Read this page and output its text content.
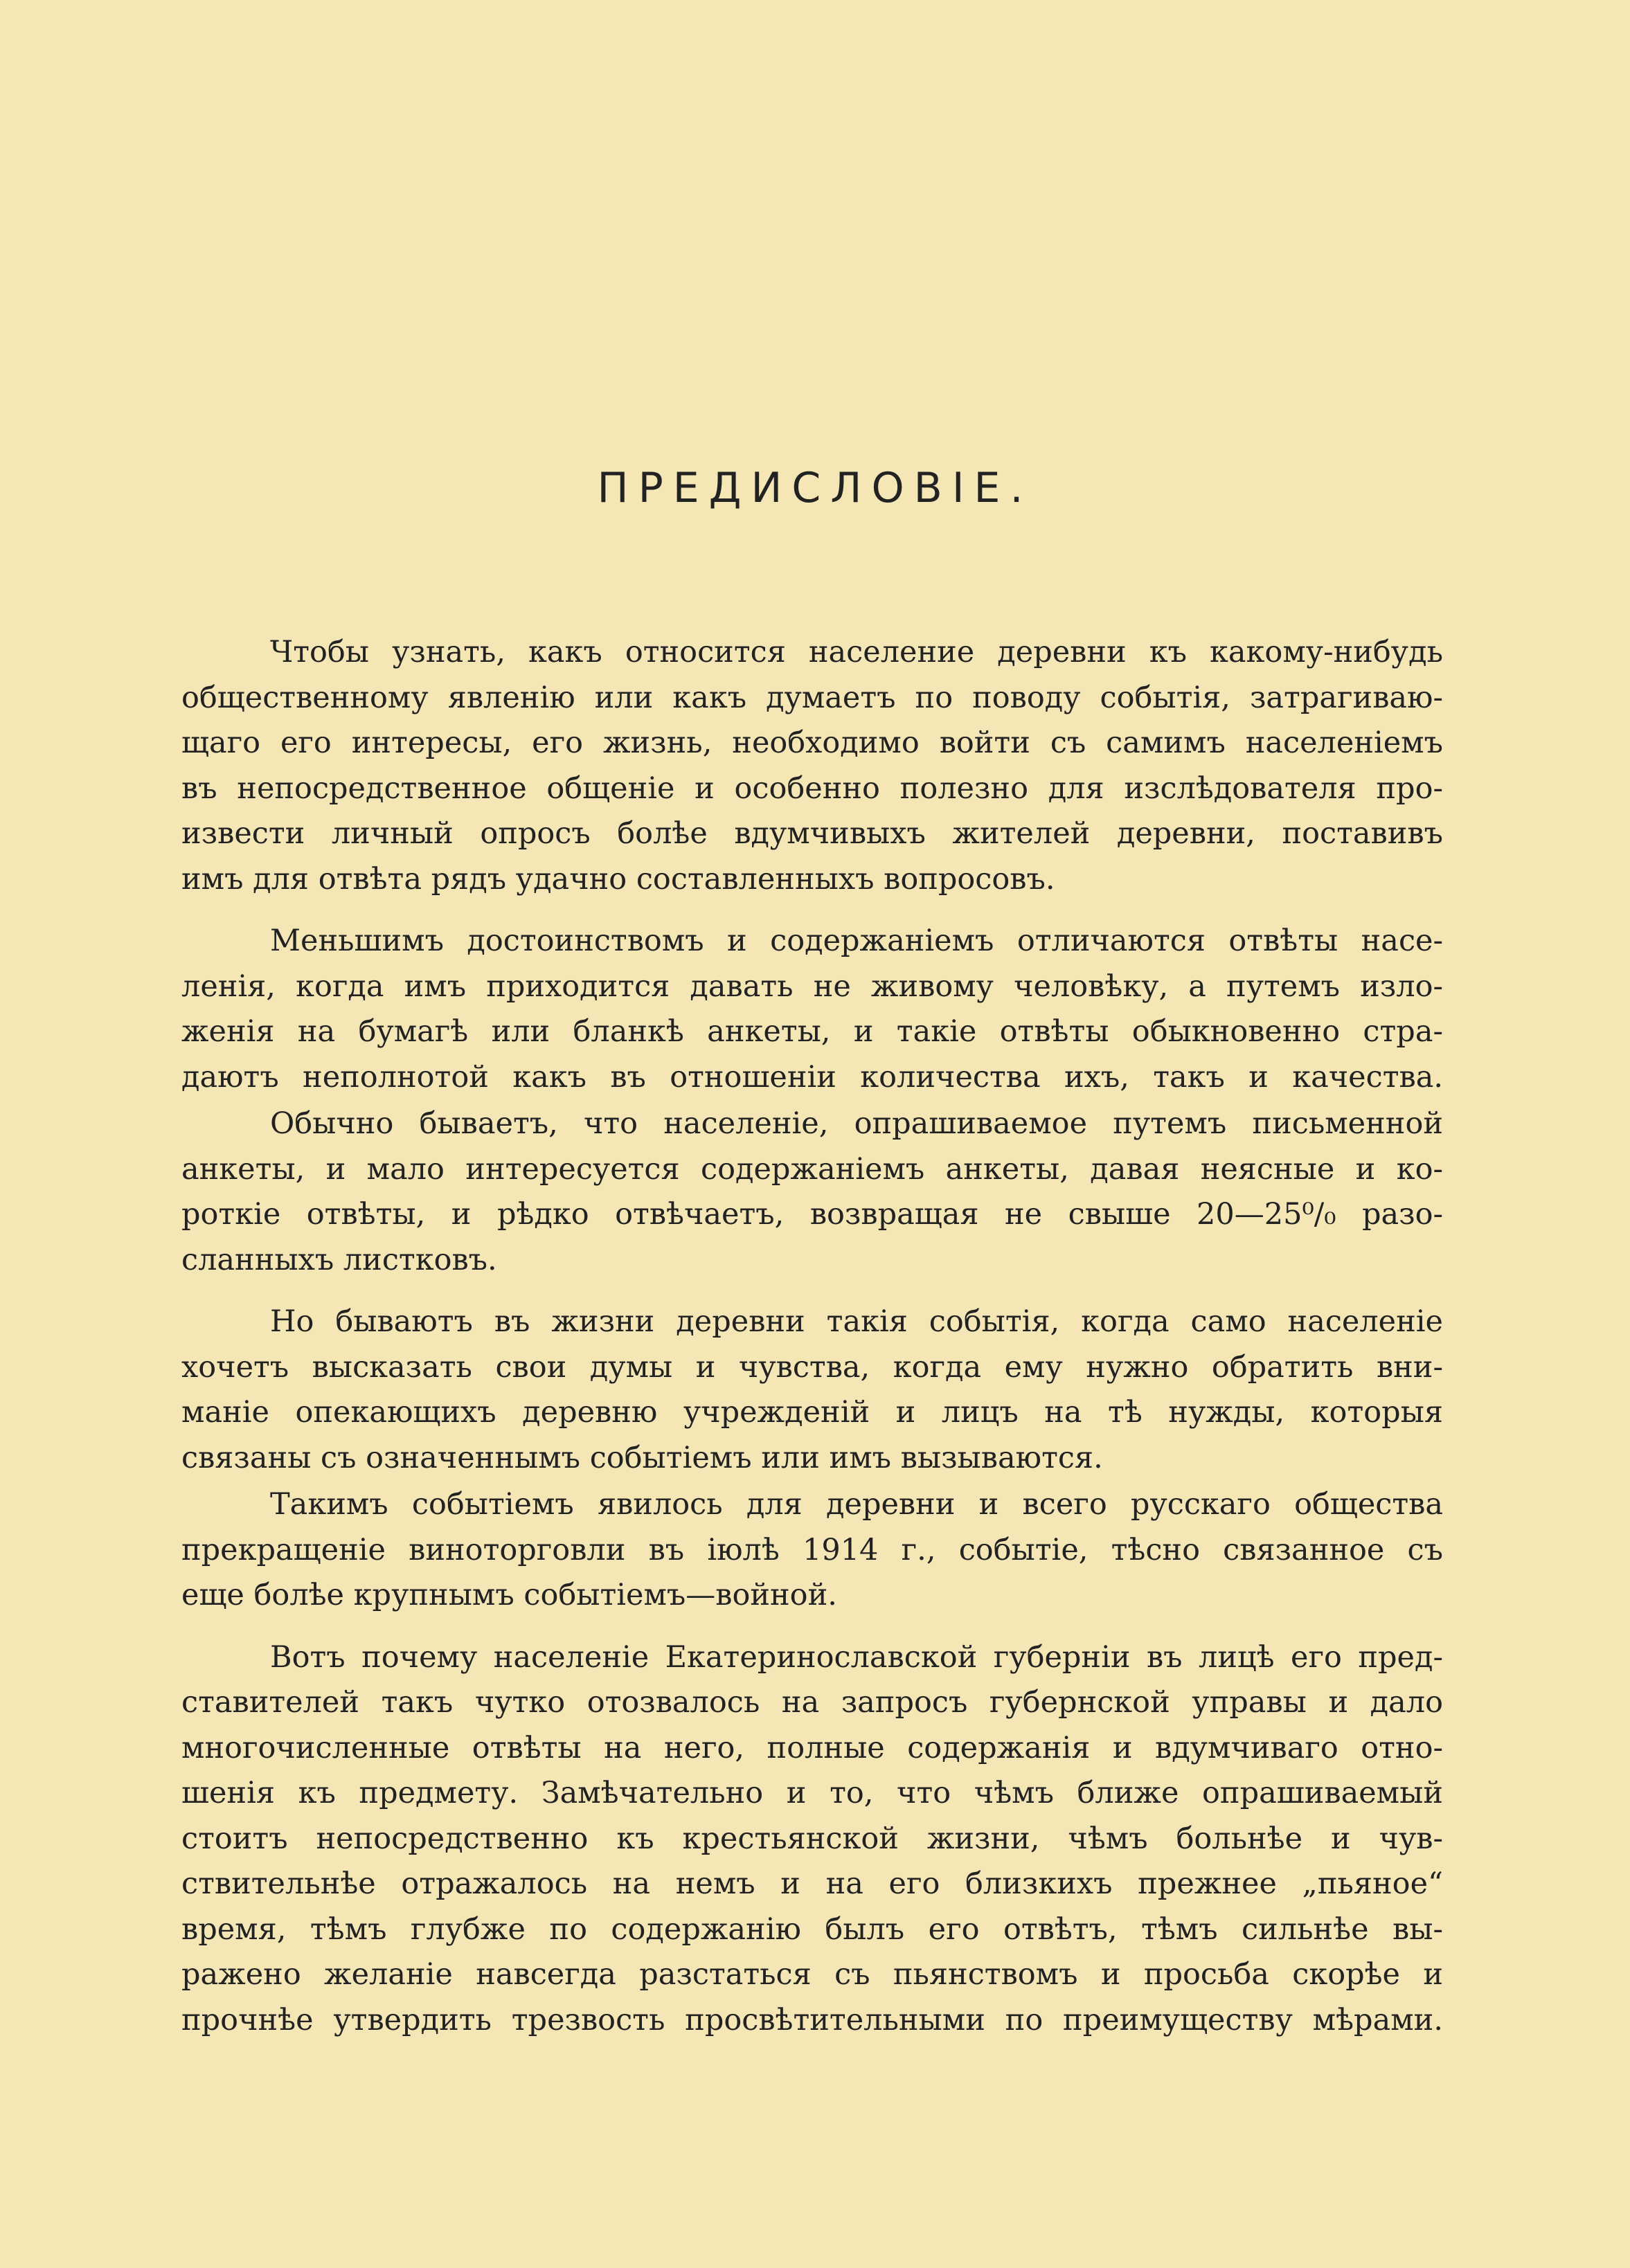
ПРЕДИСЛОВІЕ.

Чтобы узнать, какъ относится население деревни къ какому-нибудь
общественному явленію или какъ думаетъ по поводу событія, затрагиваю-
щаго его интересы, его жизнь, необходимо войти съ самимъ населеніемъ
въ непосредственное общеніе и особенно полезно для изслѣдователя про-
извести личный опросъ болѣе вдумчивыхъ жителей деревни, поставивъ
имъ для отвѣта рядъ удачно составленныхъ вопросовъ.

Меньшимъ достоинствомъ и содержаніемъ отличаются отвѣты насе-
ленія, когда имъ приходится давать не живому человѣку, а путемъ изло-
женія на бумагѣ или бланкѣ анкеты, и такіе отвѣты обыкновенно стра-
даютъ неполнотой какъ въ отношеніи количества ихъ, такъ и качества.

Обычно бываетъ, что населеніе, опрашиваемое путемъ письменной
анкеты, и мало интересуется содержаніемъ анкеты, давая неясные и ко-
роткіе отвѣты, и рѣдко отвѣчаетъ, возвращая не свыше 20—25⁰/₀ разо-
сланныхъ листковъ.

Но бываютъ въ жизни деревни такія событія, когда само населеніе
хочетъ высказать свои думы и чувства, когда ему нужно обратить вни-
маніе опекающихъ деревню учрежденій и лицъ на тѣ нужды, которыя
связаны съ означеннымъ событіемъ или имъ вызываются.

Такимъ событіемъ явилось для деревни и всего русскаго общества
прекращеніе виноторговли въ іюлѣ 1914 г., событіе, тѣсно связанное съ
еще болѣе крупнымъ событіемъ—войной.

Вотъ почему населеніе Екатеринославской губерніи въ лицѣ его пред-
ставителей такъ чутко отозвалось на запросъ губернской управы и дало
многочисленные отвѣты на него, полные содержанія и вдумчиваго отно-
шенія къ предмету. Замѣчательно и то, что чѣмъ ближе опрашиваемый
стоитъ непосредственно къ крестьянской жизни, чѣмъ больнѣе и чув-
ствительнѣе отражалось на немъ и на его близкихъ прежнее „пьяное“
время, тѣмъ глубже по содержанію былъ его отвѣтъ, тѣмъ сильнѣе вы-
ражено желаніе навсегда разстаться съ пьянствомъ и просьба скорѣе и
прочнѣе утвердить трезвость просвѣтительными по преимуществу мѣрами.
